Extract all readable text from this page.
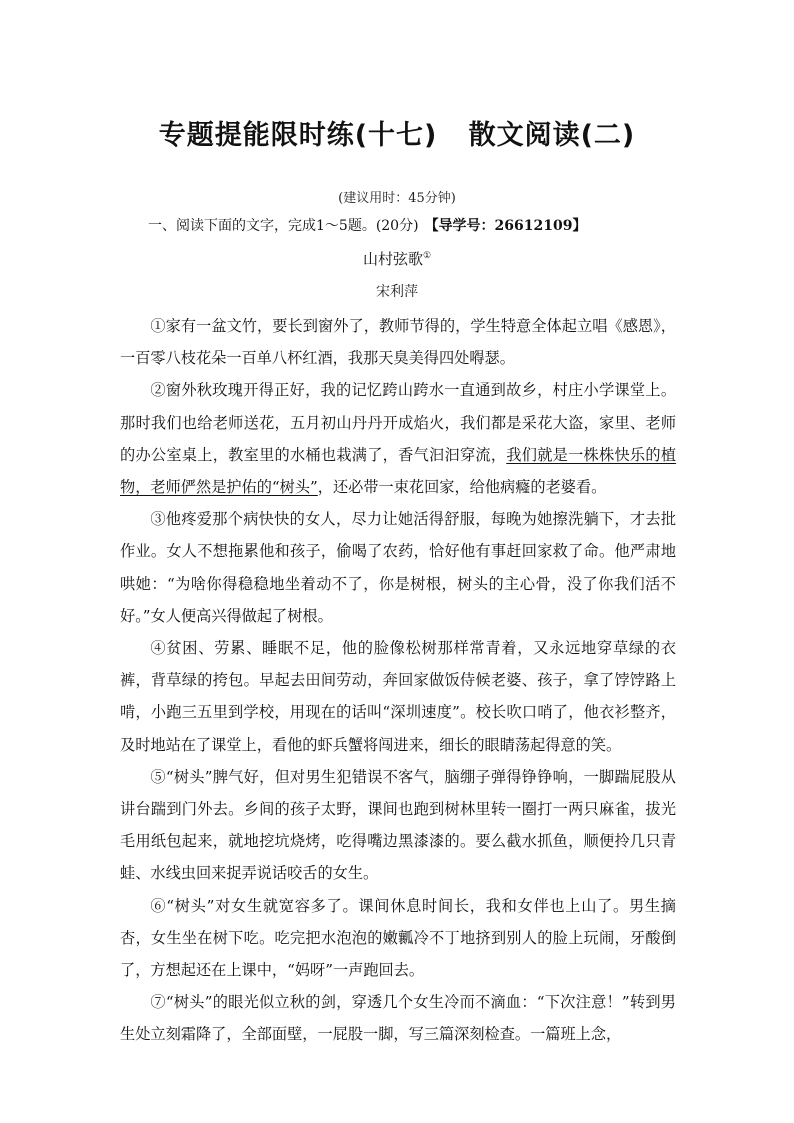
专题提能限时练(十七)   散文阅读(二)
(建议用时：45分钟)
一、阅读下面的文字，完成1～5题。(20分) 【导学号：26612109】
山村弦歌①
宋利萍

①家有一盆文竹，要长到窗外了，教师节得的，学生特意全体起立唱《感恩》，一百零八枝花朵一百单八杯红酒，我那天臭美得四处嘚瑟。

②窗外秋玫瑰开得正好，我的记忆跨山跨水一直通到故乡，村庄小学课堂上。那时我们也给老师送花，五月初山丹丹开成焰火，我们都是采花大盗，家里、老师的办公室桌上，教室里的水桶也栽满了，香气汩汩穿流，我们就是一株株快乐的植物，老师俨然是护佑的“树头”，还必带一束花回家，给他病癃的老婆看。

③他疼爱那个病快快的女人，尽力让她活得舒服，每晚为她擦洗躺下，才去批作业。女人不想拖累他和孩子，偷喝了农药，恰好他有事赶回家救了命。他严肃地哄她：“为啥你得稳稳地坐着动不了，你是树根，树头的主心骨，没了你我们活不好。”女人便高兴得做起了树根。

④贫困、劳累、睡眠不足，他的脸像松树那样常青着，又永远地穿草绿的衣裤，背草绿的挎包。早起去田间劳动，奔回家做饭侍候老婆、孩子，拿了饽饽路上啃，小跑三五里到学校，用现在的话叫“深圳速度”。校长吹口哨了，他衣衫整齐，及时地站在了课堂上，看他的虾兵蟹将闯进来，细长的眼睛荡起得意的笑。

⑤“树头”脾气好，但对男生犯错误不客气，脑绷子弹得铮铮响，一脚踹屁股从讲台踹到门外去。乡间的孩子太野，课间也跑到树林里转一圈打一两只麻雀，拔光毛用纸包起来，就地挖坑烧烤，吃得嘴边黑漆漆的。要么截水抓鱼，顺便拎几只青蛙、水线虫回来捉弄说话咬舌的女生。

⑥“树头”对女生就宽容多了。课间休息时间长，我和女伴也上山了。男生摘杏，女生坐在树下吃。吃完把水泡泡的嫩瓤冷不丁地挤到别人的脸上玩闹，牙酸倒了，方想起还在上课中，“妈呀”一声跑回去。

⑦“树头”的眼光似立秋的剑，穿透几个女生冷而不滴血：“下次注意！”转到男生处立刻霜降了，全部面壁，一屁股一脚，写三篇深刻检查。一篇班上念，
